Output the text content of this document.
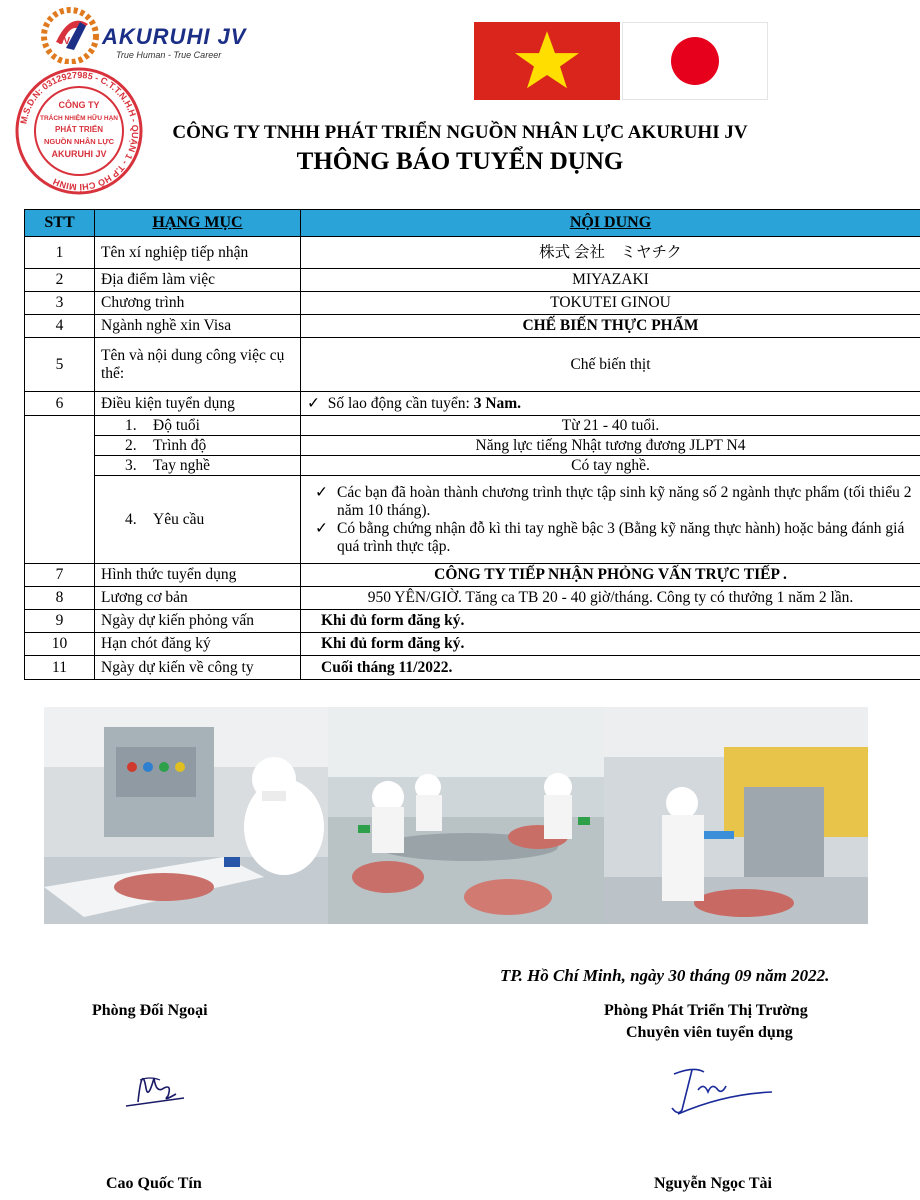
JV AKURUHI JV
True Human - True Career
M.S.D.N: 0312927985 - C.T.T.N.H.H - QUẬN 1 - T.P HỒ CHÍ MINH
CÔNG TY
TRÁCH NHIỆM HỮU HẠN
PHÁT TRIỂN
NGUỒN NHÂN LỰC
AKURUHI JV
CÔNG TY TNHH PHÁT TRIỂN NGUỒN NHÂN LỰC AKURUHI JV
THÔNG BÁO TUYỂN DỤNG
STT	HẠNG MỤC	NỘI DUNG
1	Tên xí nghiệp tiếp nhận	株式 会社　ミヤチク
2	Địa điểm làm việc	MIYAZAKI
3	Chương trình	TOKUTEI GINOU
4	Ngành nghề xin Visa	CHẾ BIẾN THỰC PHẨM
5	Tên và nội dung công việc cụ thể:	Chế biến thịt
6	Điều kiện tuyển dụng	✓ Số lao động cần tuyển: 3 Nam.
	1. Độ tuổi	Từ 21 - 40 tuổi.
	2. Trình độ	Năng lực tiếng Nhật tương đương JLPT N4
	3. Tay nghề	Có tay nghề.
	4. Yêu cầu	✓ Các bạn đã hoàn thành chương trình thực tập sinh kỹ năng số 2 ngành thực phẩm (tối thiểu 2 năm 10 tháng).
✓ Có bằng chứng nhận đỗ kì thi tay nghề bậc 3 (Bằng kỹ năng thực hành) hoặc bảng đánh giá quá trình thực tập.

7	Hình thức tuyển dụng	CÔNG TY TIẾP NHẬN PHỎNG VẤN TRỰC TIẾP .
8	Lương cơ bản	950 YÊN/GIỜ. Tăng ca TB 20 - 40 giờ/tháng. Công ty có thưởng 1 năm 2 lần.
9	Ngày dự kiến phỏng vấn	Khi đủ form đăng ký.
10	Hạn chót đăng ký	Khi đủ form đăng ký.
11	Ngày dự kiến về công ty	Cuối tháng 11/2022.
TP. Hồ Chí Minh, ngày 30 tháng 09 năm 2022.
Phòng Đối Ngoại	Phòng Phát Triển Thị Trường
Chuyên viên tuyển dụng
Cao Quốc Tín	Nguyễn Ngọc Tài
